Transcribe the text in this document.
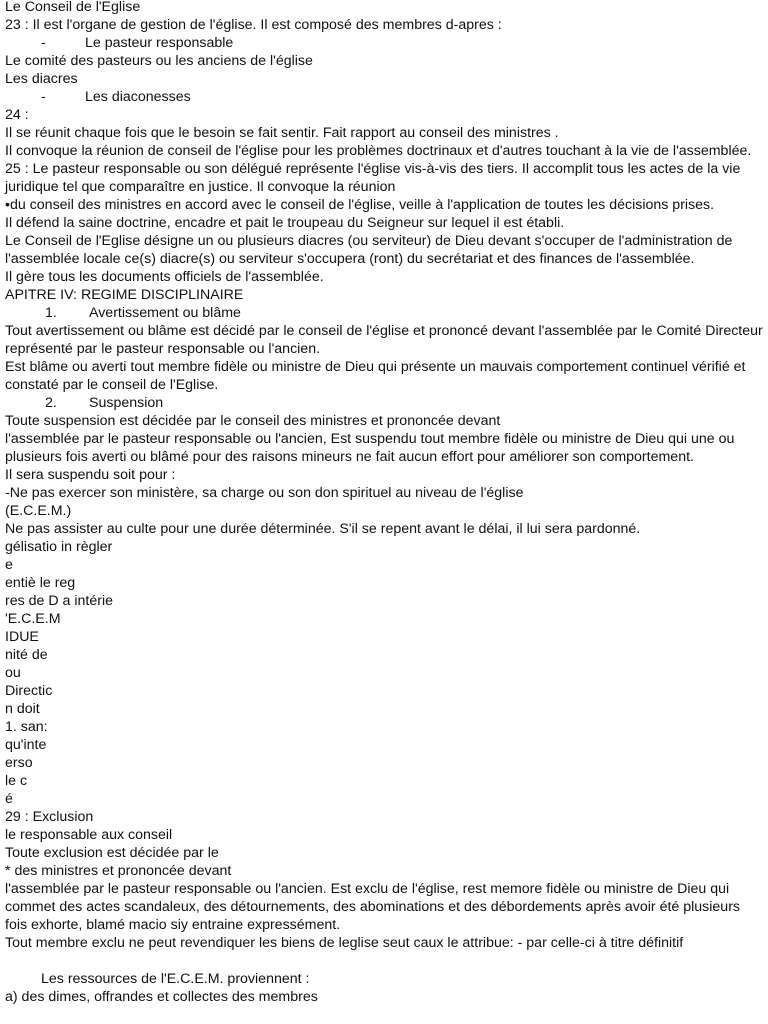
Le Conseil de l'Eglise
23 : Il est l'organe de gestion de l'église. Il est composé des membres d-apres :
-	Le pasteur responsable
Le comité des pasteurs ou les anciens de l'église
Les diacres
-	Les diaconesses
24 :
Il se réunit chaque fois que le besoin se fait sentir. Fait rapport au conseil des ministres .
Il convoque la réunion de conseil de l'église pour les problèmes doctrinaux et d'autres touchant à la vie de l'assemblée.
25 : Le pasteur responsable ou son délégué représente l'église vis-à-vis des tiers. Il accomplit tous les actes de la vie juridique tel que comparaître en justice. Il convoque la réunion
•du conseil des ministres en accord avec le conseil de l'église, veille à l'application de toutes les décisions prises.
Il défend la saine doctrine, encadre et pait le troupeau du Seigneur sur lequel il est établi.
Le Conseil de l'Eglise désigne un ou plusieurs diacres (ou serviteur) de Dieu devant s'occuper de l'administration de l'assemblée locale ce(s) diacre(s) ou serviteur s'occupera (ront) du secrétariat et des finances de l'assemblée.
Il gère tous les documents officiels de l'assemblée.
APITRE IV: REGIME DISCIPLINAIRE
1. Avertissement ou blâme
Tout avertissement ou blâme est décidé par le conseil de l'église et prononcé devant l'assemblée par le Comité Directeur représenté par le pasteur responsable ou l'ancien.
Est blâme ou averti tout membre fidèle ou ministre de Dieu qui présente un mauvais comportement continuel vérifié et constaté par le conseil de l'Eglise.
2. Suspension
Toute suspension est décidée par le conseil des ministres et prononcée devant
l'assemblée par le pasteur responsable ou l'ancien, Est suspendu tout membre fidèle ou ministre de Dieu qui une ou plusieurs fois averti ou blâmé pour des raisons mineurs ne fait aucun effort pour améliorer son comportement.
Il sera suspendu soit pour :
-Ne pas exercer son ministère, sa charge ou son don spirituel au niveau de l'église
(E.C.E.M.)
Ne pas assister au culte pour une durée déterminée. S'il se repent avant le délai, il lui sera pardonné.
gélisatio in règler
e
entiè le reg
res de D a intérie
'E.C.E.M
IDUE
nité de
ou
Directic
n doit
1. san:
qu'inte
erso
le c
é
29 : Exclusion
le responsable aux conseil
Toute exclusion est décidée par le
* des ministres et prononcée devant
l'assemblée par le pasteur responsable ou l'ancien. Est exclu de l'église, rest memore fidèle ou ministre de Dieu qui commet des actes scandaleux, des détournements, des abominations et des débordements après avoir été plusieurs fois exhorte, blamé macio siy entraine expressément.
Tout membre exclu ne peut revendiquer les biens de leglise seut caux le attribue: - par celle-ci à titre définitif
Les ressources de l'E.C.E.M. proviennent :
a) des dimes, offrandes et collectes des membres
